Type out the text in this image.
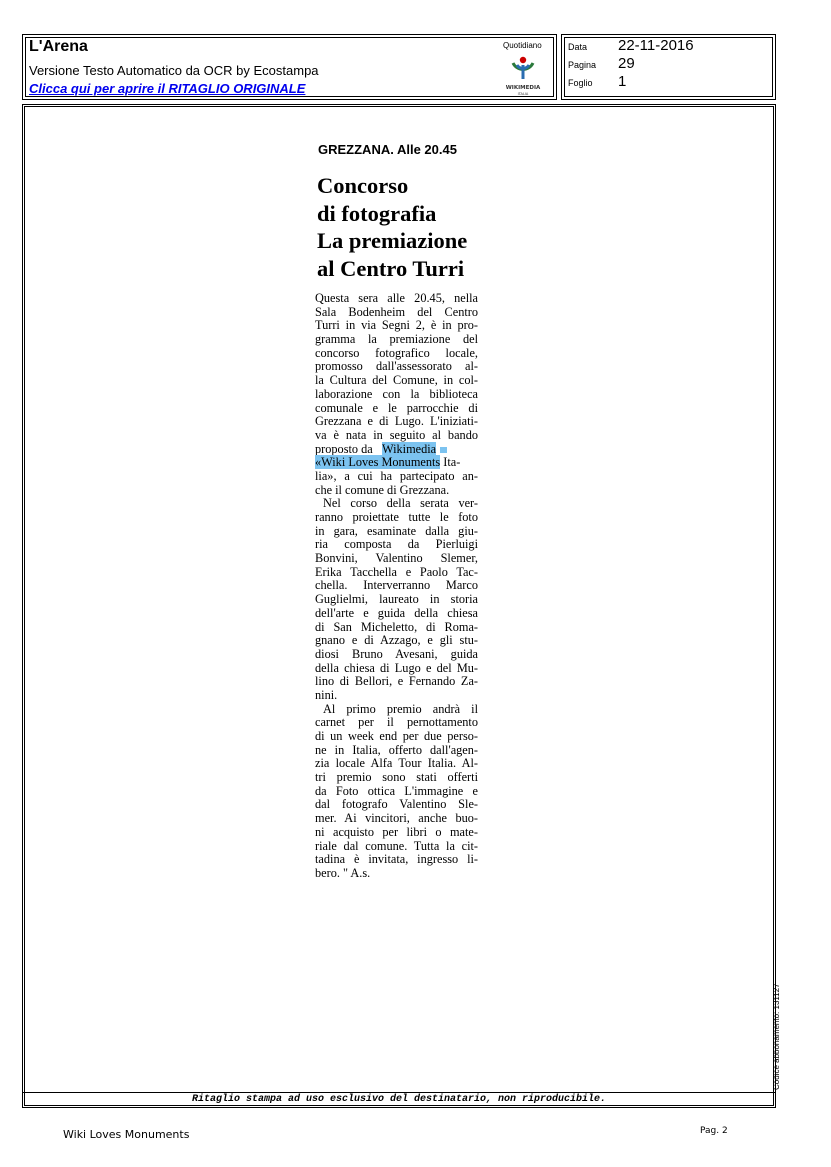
L'Arena
Versione Testo Automatico da OCR by Ecostampa
Clicca qui per aprire il RITAGLIO ORIGINALE
Quotidiano
WIKIMEDIA
ITALIA
Data 22-11-2016
Pagina 29
Foglio 1
Ritaglio stampa ad uso esclusivo del destinatario, non riproducibile.
Codice abbonamento: 131127
GREZZANA. Alle 20.45
Concorso
di fotografia
La premiazione
al Centro Turri
Questa sera alle 20.45, nella
Sala Bodenheim del Centro
Turri in via Segni 2, è in pro-
gramma la premiazione del
concorso fotografico locale,
promosso dall'assessorato al-
la Cultura del Comune, in col-
laborazione con la biblioteca
comunale e le parrocchie di
Grezzana e di Lugo. L'iniziati-
va è nata in seguito al bando
proposto da Wikimedia
«Wiki Loves Monuments Ita-
lia», a cui ha partecipato an-
che il comune di Grezzana.
Nel corso della serata ver-
ranno proiettate tutte le foto
in gara, esaminate dalla giu-
ria composta da Pierluigi
Bonvini, Valentino Slemer,
Erika Tacchella e Paolo Tac-
chella. Interverranno Marco
Guglielmi, laureato in storia
dell'arte e guida della chiesa
di San Micheletto, di Roma-
gnano e di Azzago, e gli stu-
diosi Bruno Avesani, guida
della chiesa di Lugo e del Mu-
lino di Bellori, e Fernando Za-
nini.
Al primo premio andrà il
carnet per il pernottamento
di un week end per due perso-
ne in Italia, offerto dall'agen-
zia locale Alfa Tour Italia. Al-
tri premio sono stati offerti
da Foto ottica L'immagine e
dal fotografo Valentino Sle-
mer. Ai vincitori, anche buo-
ni acquisto per libri o mate-
riale dal comune. Tutta la cit-
tadina è invitata, ingresso li-
bero. " A.s.
Wiki Loves Monuments	Pag. 2
